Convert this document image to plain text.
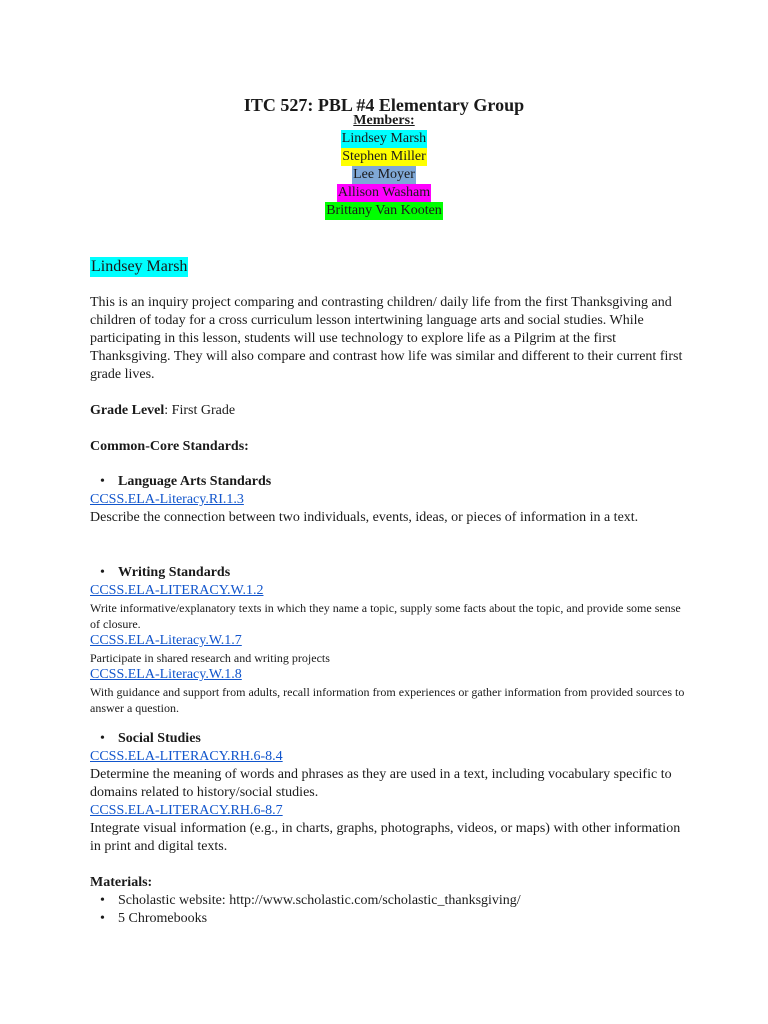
ITC 527: PBL #4 Elementary Group
Members:
Lindsey Marsh
Stephen Miller
Lee Moyer
Allison Washam
Brittany Van Kooten
Lindsey Marsh
This is an inquiry project comparing and contrasting children/ daily life from the first Thanksgiving and children of today for a cross curriculum lesson intertwining language arts and social studies. While participating in this lesson, students will use technology to explore life as a Pilgrim at the first Thanksgiving. They will also compare and contrast how life was similar and different to their current first grade lives.
Grade Level: First Grade
Common-Core Standards:
• Language Arts Standards
CCSS.ELA-Literacy.RI.1.3
Describe the connection between two individuals, events, ideas, or pieces of information in a text.
• Writing Standards
CCSS.ELA-LITERACY.W.1.2
Write informative/explanatory texts in which they name a topic, supply some facts about the topic, and provide some sense of closure.
CCSS.ELA-Literacy.W.1.7
Participate in shared research and writing projects
CCSS.ELA-Literacy.W.1.8
With guidance and support from adults, recall information from experiences or gather information from provided sources to answer a question.
• Social Studies
CCSS.ELA-LITERACY.RH.6-8.4
Determine the meaning of words and phrases as they are used in a text, including vocabulary specific to domains related to history/social studies.
CCSS.ELA-LITERACY.RH.6-8.7
Integrate visual information (e.g., in charts, graphs, photographs, videos, or maps) with other information in print and digital texts.
Materials:
• Scholastic website: http://www.scholastic.com/scholastic_thanksgiving/
• 5 Chromebooks
